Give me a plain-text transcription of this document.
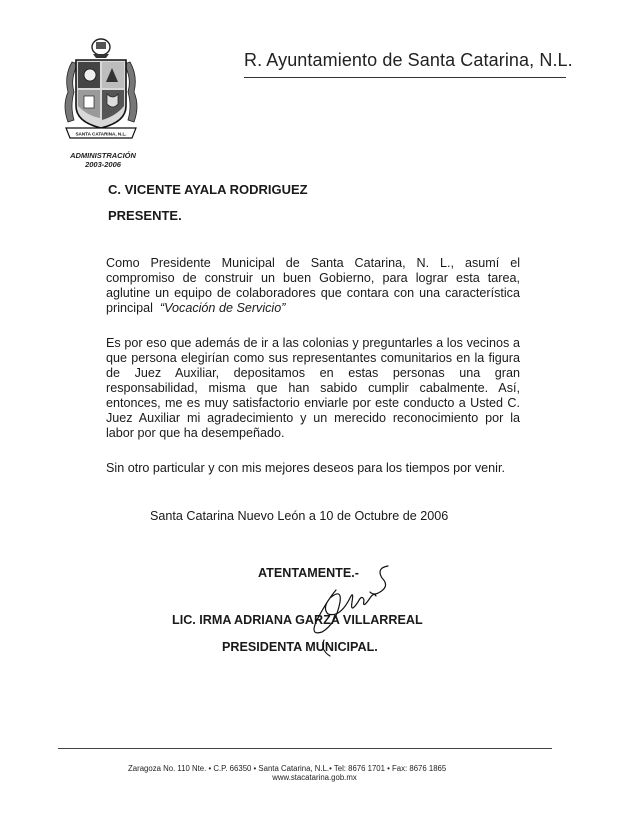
SANTA CATARINA, N.L.
ADMINISTRACIÓN
2003-2006
R. Ayuntamiento de Santa Catarina, N.L.
C. VICENTE AYALA RODRIGUEZ
PRESENTE.
Como Presidente Municipal de Santa Catarina, N. L., asumí el compromiso de construir un buen Gobierno, para lograr esta tarea, aglutine un equipo de colaboradores que contara con una característica principal “Vocación de Servicio”
Es por eso que además de ir a las colonias y preguntarles a los vecinos a que persona elegirían como sus representantes comunitarios en la figura de Juez Auxiliar, depositamos en estas personas una gran responsabilidad, misma que han sabido cumplir cabalmente. Así, entonces, me es muy satisfactorio enviarle por este conducto a Usted C. Juez Auxiliar mi agradecimiento y un merecido reconocimiento por la labor por que ha desempeñado.
Sin otro particular y con mis mejores deseos para los tiempos por venir.
Santa Catarina Nuevo León a 10 de Octubre de 2006
ATENTAMENTE.-
LIC. IRMA ADRIANA GARZA VILLARREAL
PRESIDENTA MUNICIPAL.
Zaragoza No. 110 Nte. • C.P. 66350 • Santa Catarina, N.L.• Tel: 8676 1701 • Fax: 8676 1865
www.stacatarina.gob.mx
